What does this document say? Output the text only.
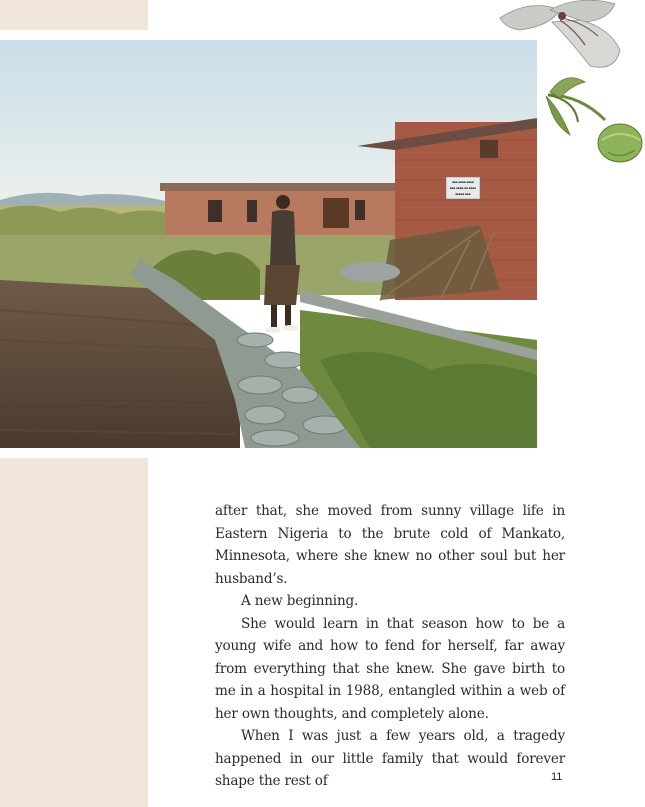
■■■ ■■■■ ■■■■
■■■ ■■■■ ■■ ■■■■
■■■■■ ■■■

after that, she moved from sunny village life in Eastern Nigeria to the brute cold of Mankato, Minnesota, where she knew no other soul but her husband’s.

A new beginning.

She would learn in that season how to be a young wife and how to fend for herself, far away from everything that she knew. She gave birth to me in a hospital in 1988, entangled within a web of her own thoughts, and completely alone.

When I was just a few years old, a tragedy happened in our little family that would forever shape the rest of	11
